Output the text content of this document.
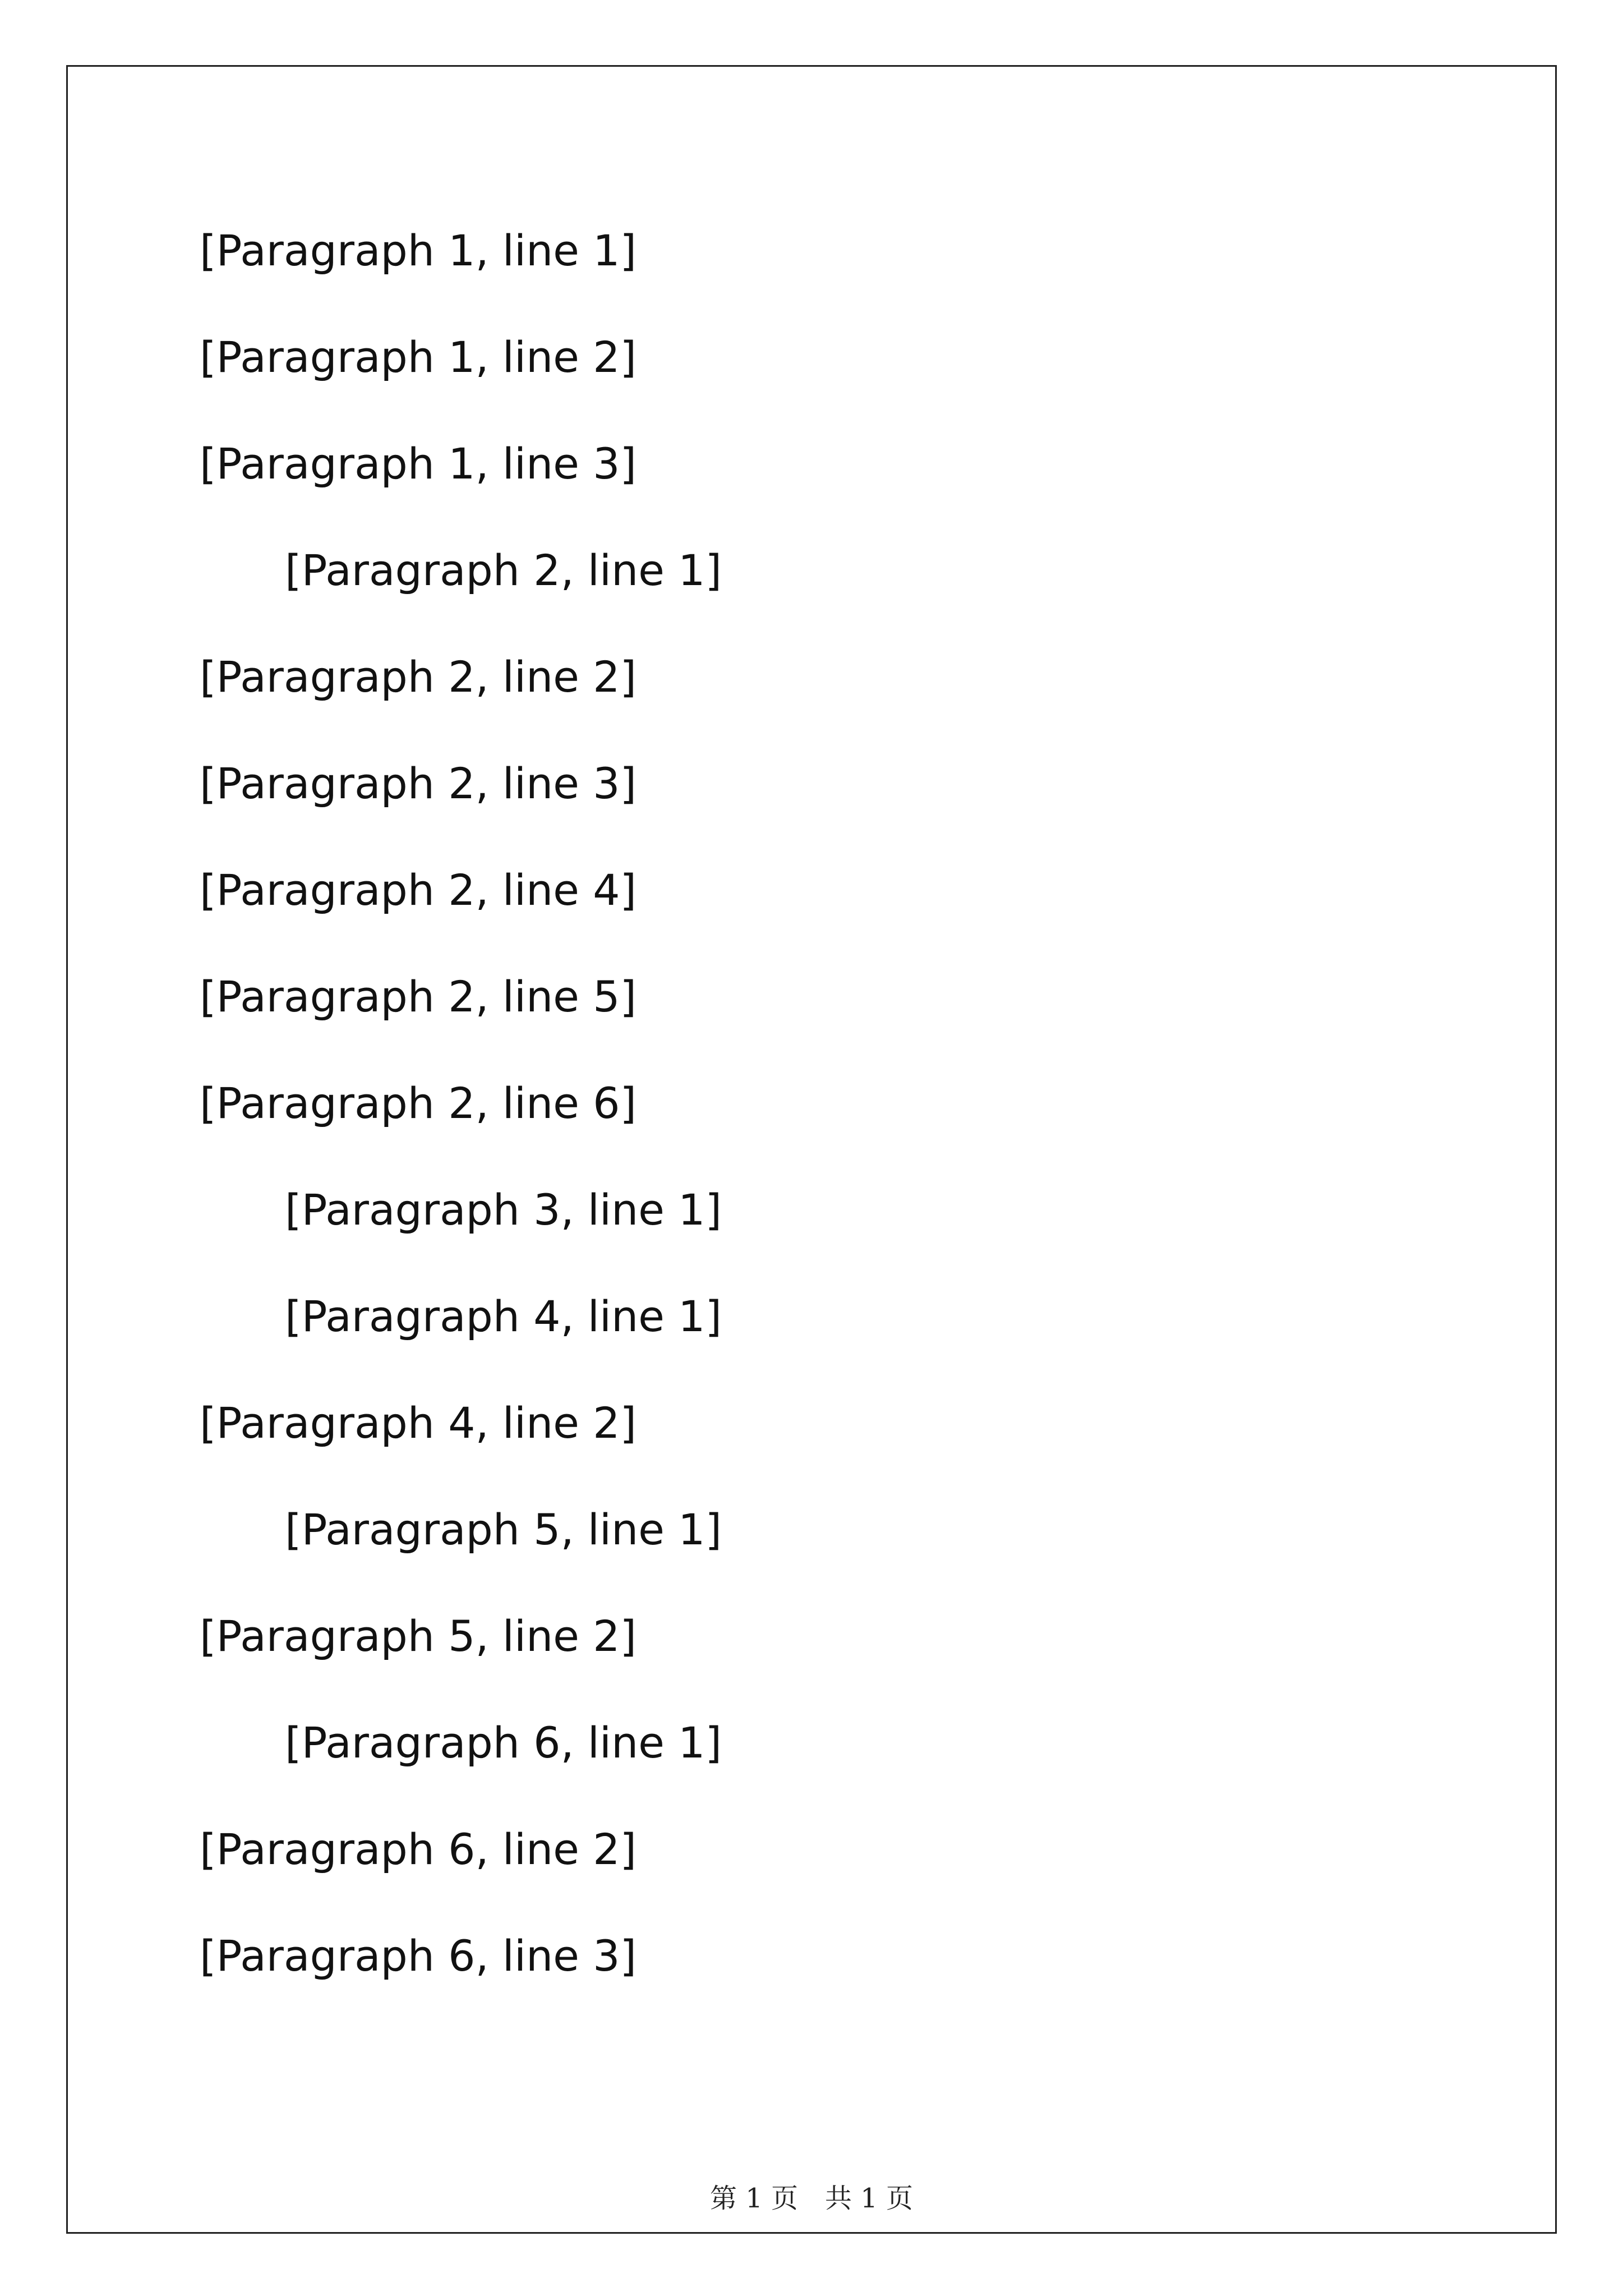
[Paragraph 1, line 1]

[Paragraph 1, line 2]

[Paragraph 1, line 3]

[Paragraph 2, line 1]

[Paragraph 2, line 2]

[Paragraph 2, line 3]

[Paragraph 2, line 4]

[Paragraph 2, line 5]

[Paragraph 2, line 6]

[Paragraph 3, line 1]

[Paragraph 4, line 1]

[Paragraph 4, line 2]

[Paragraph 5, line 1]

[Paragraph 5, line 2]

[Paragraph 6, line 1]

[Paragraph 6, line 2]

[Paragraph 6, line 3]

第 1 页 共 1 页
